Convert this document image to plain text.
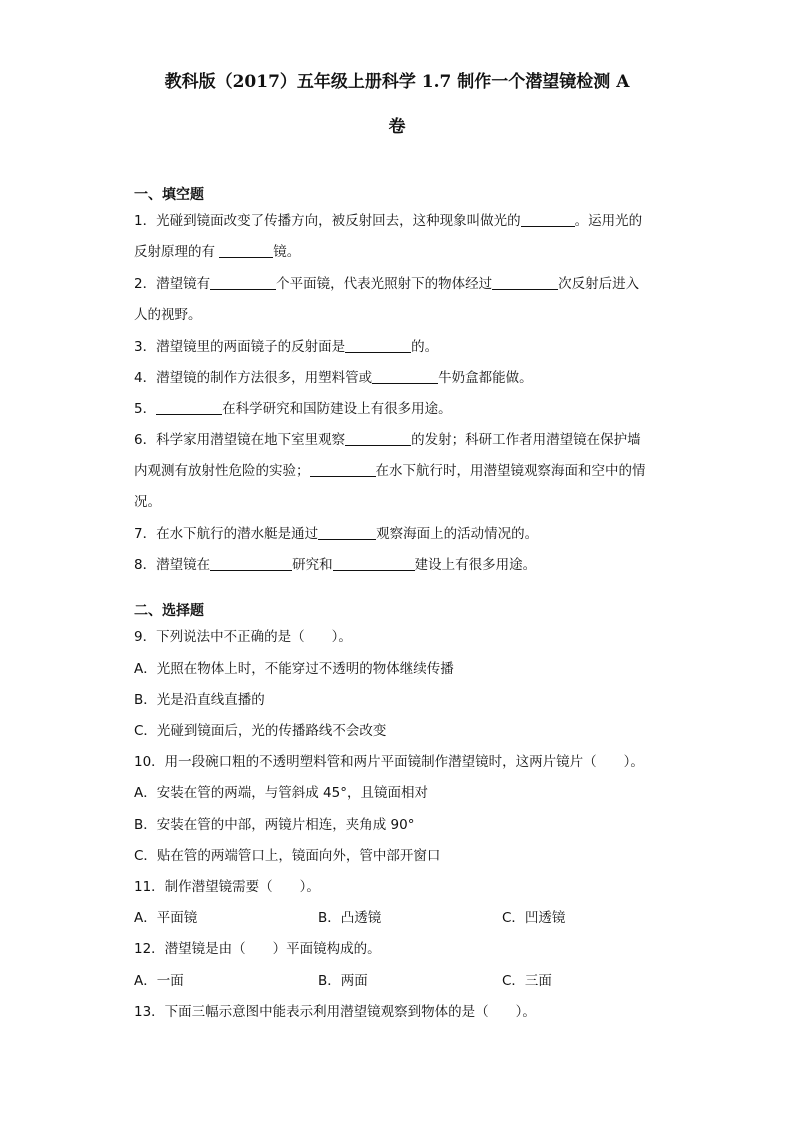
教科版（2017）五年级上册科学 1.7 制作一个潜望镜检测 A
卷
一、填空题
1．光碰到镜面改变了传播方向，被反射回去，这种现象叫做光的	。运用光的
反射原理的有	镜。
2．潜望镜有	个平面镜，代表光照射下的物体经过	次反射后进入
人的视野。
3．潜望镜里的两面镜子的反射面是	的。
4．潜望镜的制作方法很多，用塑料管或	牛奶盒都能做。
5．	在科学研究和国防建设上有很多用途。
6．科学家用潜望镜在地下室里观察	的发射；科研工作者用潜望镜在保护墙
内观测有放射性危险的实验；	在水下航行时，用潜望镜观察海面和空中的情
况。
7．在水下航行的潜水艇是通过	观察海面上的活动情况的。
8．潜望镜在	研究和	建设上有很多用途。
二、选择题
9．下列说法中不正确的是（　　）。
A．光照在物体上时，不能穿过不透明的物体继续传播
B．光是沿直线直播的
C．光碰到镜面后，光的传播路线不会改变
10．用一段碗口粗的不透明塑料管和两片平面镜制作潜望镜时，这两片镜片（　　）。
A．安装在管的两端，与管斜成 45°，且镜面相对
B．安装在管的中部，两镜片相连，夹角成 90°
C．贴在管的两端管口上，镜面向外，管中部开窗口
11．制作潜望镜需要（　　）。
A．平面镜	B．凸透镜	C．凹透镜
12．潜望镜是由（　　）平面镜构成的。
A．一面	B．两面	C．三面
13．下面三幅示意图中能表示利用潜望镜观察到物体的是（　　）。
